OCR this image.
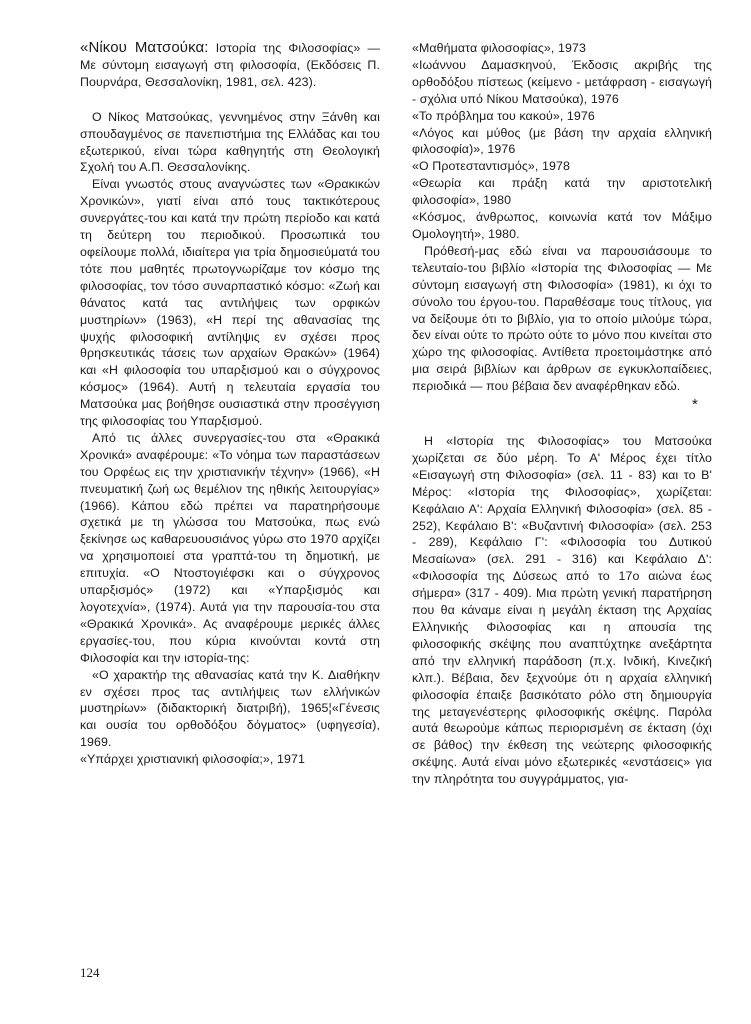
«Νίκου Ματσούκα: Ιστορία της Φιλοσοφίας» — Με σύντομη εισαγωγή στη φιλοσοφία, (Εκδόσεις Π. Πουρνάρα, Θεσσαλονίκη, 1981, σελ. 423).

Ο Νίκος Ματσούκας, γεννημένος στην Ξάνθη και σπουδαγμένος σε πανεπιστήμια της Ελλάδας και του εξωτερικού, είναι τώρα καθηγητής στη Θεολογική Σχολή του Α.Π. Θεσσαλονίκης.

Είναι γνωστός στους αναγνώστες των «Θρακικών Χρονικών», γιατί είναι από τους τακτικότερους συνεργάτες-του και κατά την πρώτη περίοδο και κατά τη δεύτερη του περιοδικού. Προσωπικά του οφείλουμε πολλά, ιδιαίτερα για τρία δημοσιεύματά του τότε που μαθητές πρωτογνωρίζαμε τον κόσμο της φιλοσοφίας, τον τόσο συναρπαστικό κόσμο: «Ζωή και θάνατος κατά τας αντιλήψεις των ορφικών μυστηρίων» (1963), «Η περί της αθανασίας της ψυχής φιλοσοφική αντίληψις εν σχέσει προς θρησκευτικάς τάσεις των αρχαίων Θρακών» (1964) και «Η φιλοσοφία του υπαρξισμού και ο σύγχρονος κόσμος» (1964). Αυτή η τελευταία εργασία του Ματσούκα μας βοήθησε ουσιαστικά στην προσέγγιση της φιλοσοφίας του Υπαρξισμού.

Από τις άλλες συνεργασίες-του στα «Θρακικά Χρονικά» αναφέρουμε: «Το νόημα των παραστάσεων του Ορφέως εις την χριστιανικήν τέχνην» (1966), «Η πνευματική ζωή ως θεμέλιον της ηθικής λειτουργίας» (1966). Κάπου εδώ πρέπει να παρατηρήσουμε σχετικά με τη γλώσσα του Ματσούκα, πως ενώ ξεκίνησε ως καθαρευουσιάνος γύρω στο 1970 αρχίζει να χρησιμοποιεί στα γραπτά-του τη δημοτική, με επιτυχία. «Ο Ντοστογιέφσκι και ο σύγχρονος υπαρξισμός» (1972) και «Υπαρξισμός και λογοτεχνία», (1974). Αυτά για την παρουσία-του στα «Θρακικά Χρονικά». Ας αναφέρουμε μερικές άλλες εργασίες-του, που κύρια κινούνται κοντά στη Φιλοσοφία και την ιστορία-της:

«Ο χαρακτήρ της αθανασίας κατά την Κ. Διαθήκην εν σχέσει προς τας αντιλήψεις των ελλήνικών μυστηρίων» (διδακτορική διατριβή), 1965¦«Γένεσις και ουσία του ορθοδόξου δόγματος» (υφηγεσία), 1969.

«Υπάρχει χριστιανική φιλοσοφία;», 1971

«Μαθήματα φιλοσοφίας», 1973

«Ιωάννου Δαμασκηνού, Έκδοσις ακριβής της ορθοδόξου πίστεως (κείμενο - μετάφραση - εισαγωγή - σχόλια υπό Νίκου Ματσούκα), 1976

«Το πρόβλημα του κακού», 1976

«Λόγος και μύθος (με βάση την αρχαία ελληνική φιλοσοφία)», 1976

«Ο Προτεσταντισμός», 1978

«Θεωρία και πράξη κατά την αριστοτελική φιλοσοφία», 1980

«Κόσμος, άνθρωπος, κοινωνία κατά τον Μάξιμο Ομολογητή», 1980.

Πρόθεσή-μας εδώ είναι να παρουσιάσουμε το τελευταίο-του βιβλίο «Ιστορία της Φιλοσοφίας — Με σύντομη εισαγωγή στη Φιλοσοφία» (1981), κι όχι το σύνολο του έργου-του. Παραθέσαμε τους τίτλους, για να δείξουμε ότι το βιβλίο, για το οποίο μιλούμε τώρα, δεν είναι ούτε το πρώτο ούτε το μόνο που κινείται στο χώρο της φιλοσοφίας. Αντίθετα προετοιμάστηκε από μια σειρά βιβλίων και άρθρων σε εγκυκλοπαίδειες, περιοδικά — που βέβαια δεν αναφέρθηκαν εδώ.

*

Η «Ιστορία της Φιλοσοφίας» του Ματσούκα χωρίζεται σε δύο μέρη. Το Α' Μέρος έχει τίτλο «Εισαγωγή στη Φιλοσοφία» (σελ. 11 - 83) και το Β' Μέρος: «Ιστορία της Φιλοσοφίας», χωρίζεται: Κεφάλαιο Α': Αρχαία Ελληνική Φιλοσοφία» (σελ. 85 - 252), Κεφάλαιο Β': «Βυζαντινή Φιλοσοφία» (σελ. 253 - 289), Κεφάλαιο Γ': «Φιλοσοφία του Δυτικού Μεσαίωνα» (σελ. 291 - 316) και Κεφάλαιο Δ': «Φιλοσοφία της Δύσεως από το 17ο αιώνα έως σήμερα» (317 - 409). Μια πρώτη γενική παρατήρηση που θα κάναμε είναι η μεγάλη έκταση της Αρχαίας Ελληνικής Φιλοσοφίας και η απουσία της φιλοσοφικής σκέψης που αναπτύχτηκε ανεξάρτητα από την ελληνική παράδοση (π.χ. Ινδική, Κινεζική κλπ.). Βέβαια, δεν ξεχνούμε ότι η αρχαία ελληνική φιλοσοφία έπαιξε βασικότατο ρόλο στη δημιουργία της μεταγενέστερης φιλοσοφικής σκέψης. Παρόλα αυτά θεωρούμε κάπως περιορισμένη σε έκταση (όχι σε βάθος) την έκθεση της νεώτερης φιλοσοφικής σκέψης. Αυτά είναι μόνο εξωτερικές «ενστάσεις» για την πληρότητα του συγγράμματος, για-

124
